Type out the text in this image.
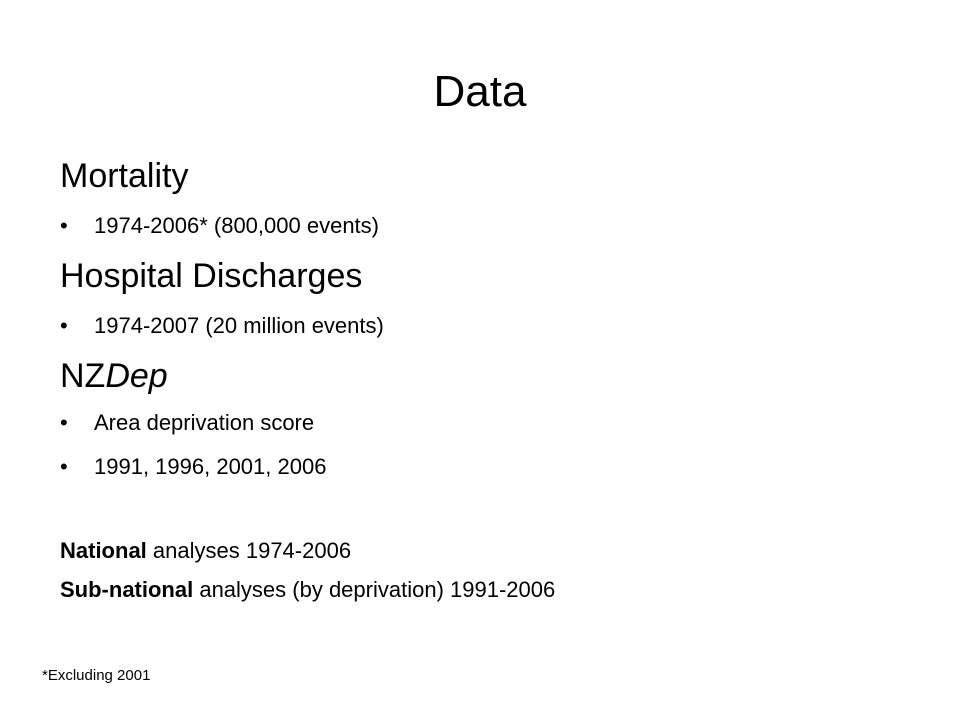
Data
Mortality
• 1974-2006* (800,000 events)
Hospital Discharges
• 1974-2007 (20 million events)
NZDep
• Area deprivation score
• 1991, 1996, 2001, 2006
National analyses 1974-2006
Sub-national analyses (by deprivation) 1991-2006
*Excluding 2001
